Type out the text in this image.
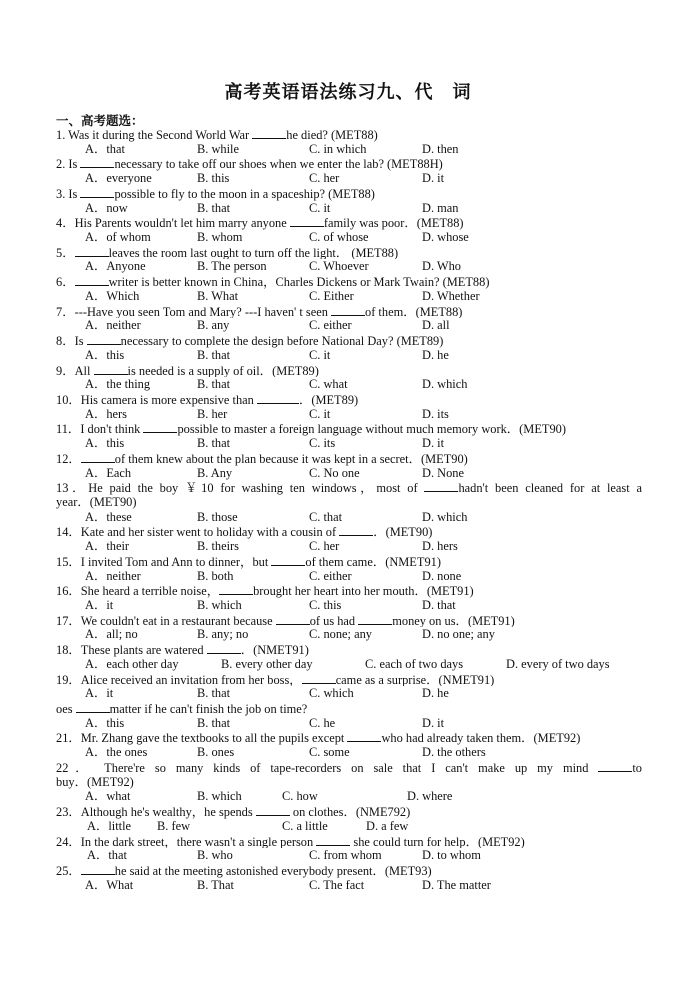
高考英语语法练习九、代　词
一、高考题选：
1. Was it during the Second World War	he died? (MET88)
A．that	B. while	C. in which	D. then
2. Is	necessary to take off our shoes when we enter the lab? (MET88H)
A．everyone	B. this	C. her	D. it
3. Is	possible to fly to the moon in a spaceship? (MET88)
A．now	B. that	C. it	D. man
4．His Parents wouldn't let him marry anyone	family was poor．(MET88)
A．of whom	B. whom	C. of whose	D. whose
5．	leaves the room last ought to turn off the light． (MET88)
A．Anyone	B. The person	C. Whoever	D. Who
6．	writer is better known in China，Charles Dickens or Mark Twain? (MET88)
A．Which	B. What	C. Either	D. Whether
7．---Have you seen Tom and Mary? ---I haven' t seen	of them．(MET88)
A．neither	B. any	C. either	D. all
8．Is	necessary to complete the design before National Day? (MET89)
A．this	B. that	C. it	D. he
9．All	is needed is a supply of oil．(MET89)
A．the thing	B. that	C. what	D. which
10．His camera is more expensive than	．(MET89)
A．hers	B. her	C. it	D. its
11．I don't think	possible to master a foreign language without much memory work．(MET90)
A．this	B. that	C. its	D. it
12．	of them knew about the plan because it was kept in a secret．(MET90)
A．Each	B. Any	C. No one	D. None
13．He paid the boy ￥10 for washing ten windows，most of	hadn't been cleaned for at least a
year．(MET90)
A．these	B. those	C. that	D. which
14．Kate and her sister went to holiday with a cousin of	．(MET90)
A．their	B. theirs	C. her	D. hers
15．I invited Tom and Ann to dinner，but	of them came．(NMET91)
A．neither	B. both	C. either	D. none
16．She heard a terrible noise，	brought her heart into her mouth．(MET91)
A．it	B. which	C. this	D. that
17．We couldn't eat in a restaurant because	of us had	money on us．(MET91)
A．all; no	B. any; no	C. none; any	D. no one; any
18．These plants are watered	．(NMET91)
A．each other day	B. every other day	C. each of two days	D. every of two days
19．Alice received an invitation from her boss，	came as a surprise．(NMET91)
A．it	B. that	C. which	D. he
oes	matter if he can't finish the job on time?
A．this	B. that	C. he	D. it
21．Mr. Zhang gave the textbooks to all the pupils except	who had already taken them．(MET92)
A．the ones	B. ones	C. some	D. the others
22． There're so many kinds of tape-recorders on sale that I can't make up my mind	to
buy．(MET92)
A．what	B. which	C. how	D. where
23．Although he's wealthy，he spends	on clothes．(NME792)
A．little B. few	C. a little	D. a few
24．In the dark street，there wasn't a single person	she could turn for help．(MET92)
A．that	B. who	C. from whom	D. to whom
25．	he said at the meeting astonished everybody present．(MET93)
A．What	B. That	C. The fact	D. The matter
